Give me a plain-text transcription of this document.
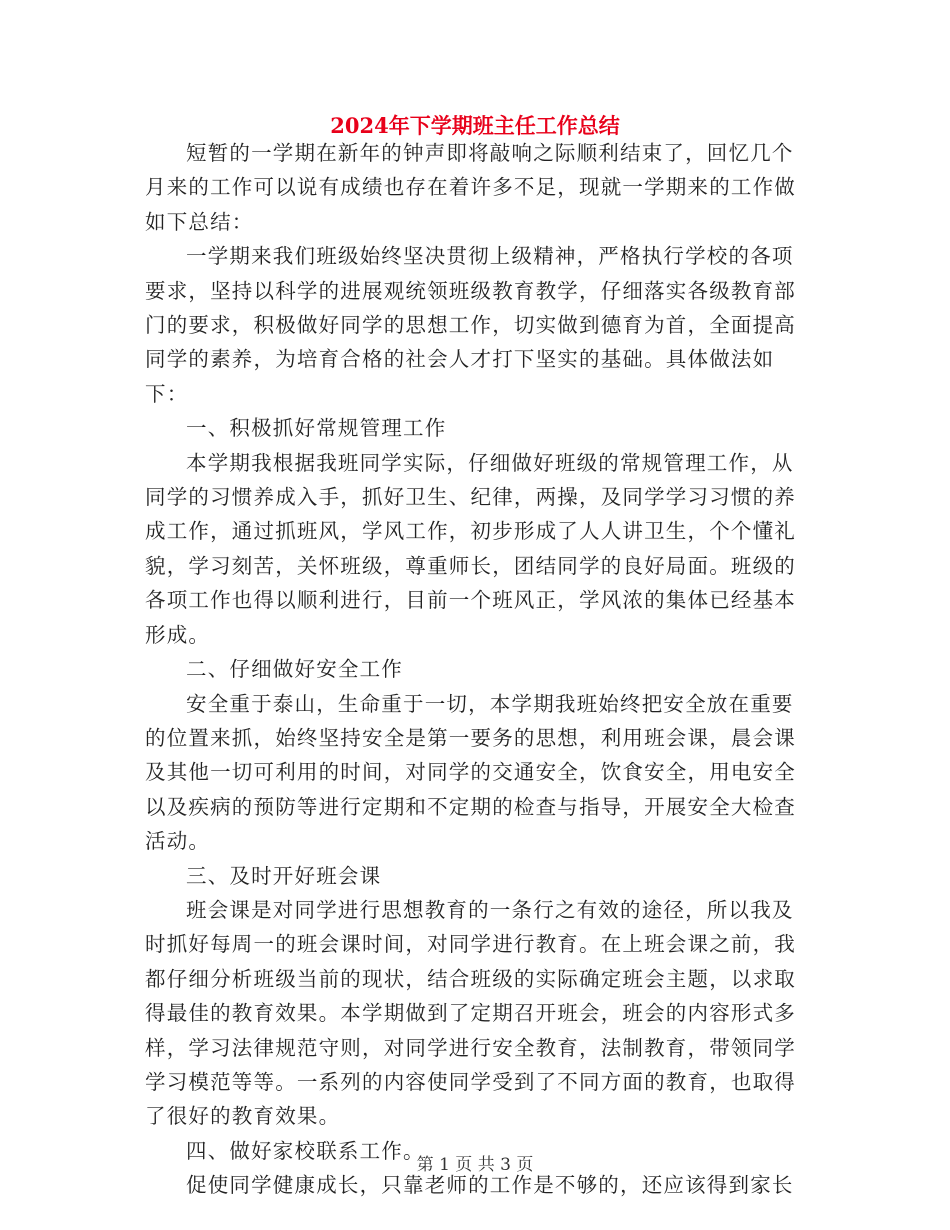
2024年下学期班主任工作总结

短暂的一学期在新年的钟声即将敲响之际顺利结束了，回忆几个月来的工作可以说有成绩也存在着许多不足，现就一学期来的工作做如下总结：

一学期来我们班级始终坚决贯彻上级精神，严格执行学校的各项要求，坚持以科学的进展观统领班级教育教学，仔细落实各级教育部门的要求，积极做好同学的思想工作，切实做到德育为首，全面提高同学的素养，为培育合格的社会人才打下坚实的基础。具体做法如下：

一、积极抓好常规管理工作

本学期我根据我班同学实际，仔细做好班级的常规管理工作，从同学的习惯养成入手，抓好卫生、纪律，两操，及同学学习习惯的养成工作，通过抓班风，学风工作，初步形成了人人讲卫生，个个懂礼貌，学习刻苦，关怀班级，尊重师长，团结同学的良好局面。班级的各项工作也得以顺利进行，目前一个班风正，学风浓的集体已经基本形成。

二、仔细做好安全工作

安全重于泰山，生命重于一切，本学期我班始终把安全放在重要的位置来抓，始终坚持安全是第一要务的思想，利用班会课，晨会课及其他一切可利用的时间，对同学的交通安全，饮食安全，用电安全以及疾病的预防等进行定期和不定期的检查与指导，开展安全大检查活动。

三、及时开好班会课

班会课是对同学进行思想教育的一条行之有效的途径，所以我及时抓好每周一的班会课时间，对同学进行教育。在上班会课之前，我都仔细分析班级当前的现状，结合班级的实际确定班会主题，以求取得最佳的教育效果。本学期做到了定期召开班会，班会的内容形式多样，学习法律规范守则，对同学进行安全教育，法制教育，带领同学学习模范等等。一系列的内容使同学受到了不同方面的教育，也取得了很好的教育效果。

四、做好家校联系工作。

促使同学健康成长，只靠老师的工作是不够的，还应该得到家长

第 1 页 共 3 页
